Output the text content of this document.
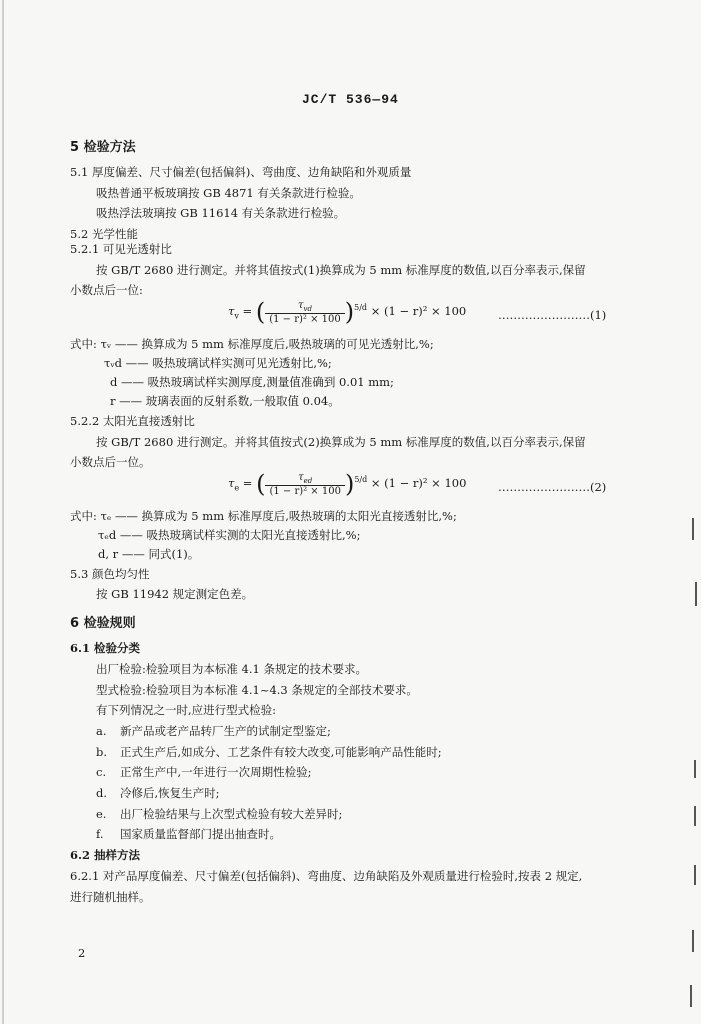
JC/T 536—94
5 检验方法
5.1 厚度偏差、尺寸偏差(包括偏斜)、弯曲度、边角缺陷和外观质量
吸热普通平板玻璃按 GB 4871 有关条款进行检验。
吸热浮法玻璃按 GB 11614 有关条款进行检验。
5.2 光学性能
5.2.1 可见光透射比
按 GB/T 2680 进行测定。并将其值按式(1)换算成为 5 mm 标准厚度的数值,以百分率表示,保留
小数点后一位:
$\tau_v$ = ( $\frac{\tau_{vd}}{\text{(1 − r)² × 100}} )^{5/d} \times (1 - r)^2 \times 100$	……………………(1)
式中: τᵥ —— 换算成为 5 mm 标准厚度后,吸热玻璃的可见光透射比,%;
τᵥd —— 吸热玻璃试样实测可见光透射比,%;
d —— 吸热玻璃试样实测厚度,测量值准确到 0.01 mm;
r —— 玻璃表面的反射系数,一般取值 0.04。
5.2.2 太阳光直接透射比
按 GB/T 2680 进行测定。并将其值按式(2)换算成为 5 mm 标准厚度的数值,以百分率表示,保留
小数点后一位。
$\tau_e$ = ( $\frac{\tau_{ed}}{\text{(1 − r)² × 100}} )^{5/d} \times (1 - r)^2 \times 100$	……………………(2)
式中: τₑ —— 换算成为 5 mm 标准厚度后,吸热玻璃的太阳光直接透射比,%;
τₑd —— 吸热玻璃试样实测的太阳光直接透射比,%;
d, r —— 同式(1)。
5.3 颜色均匀性
按 GB 11942 规定测定色差。
6 检验规则
6.1 检验分类
出厂检验:检验项目为本标准 4.1 条规定的技术要求。
型式检验:检验项目为本标准 4.1~4.3 条规定的全部技术要求。
有下列情况之一时,应进行型式检验:
a. 新产品或老产品转厂生产的试制定型鉴定;
b. 正式生产后,如成分、工艺条件有较大改变,可能影响产品性能时;
c. 正常生产中,一年进行一次周期性检验;
d. 冷修后,恢复生产时;
e. 出厂检验结果与上次型式检验有较大差异时;
f. 国家质量监督部门提出抽查时。
6.2 抽样方法
6.2.1 对产品厚度偏差、尺寸偏差(包括偏斜)、弯曲度、边角缺陷及外观质量进行检验时,按表 2 规定,
进行随机抽样。
2
